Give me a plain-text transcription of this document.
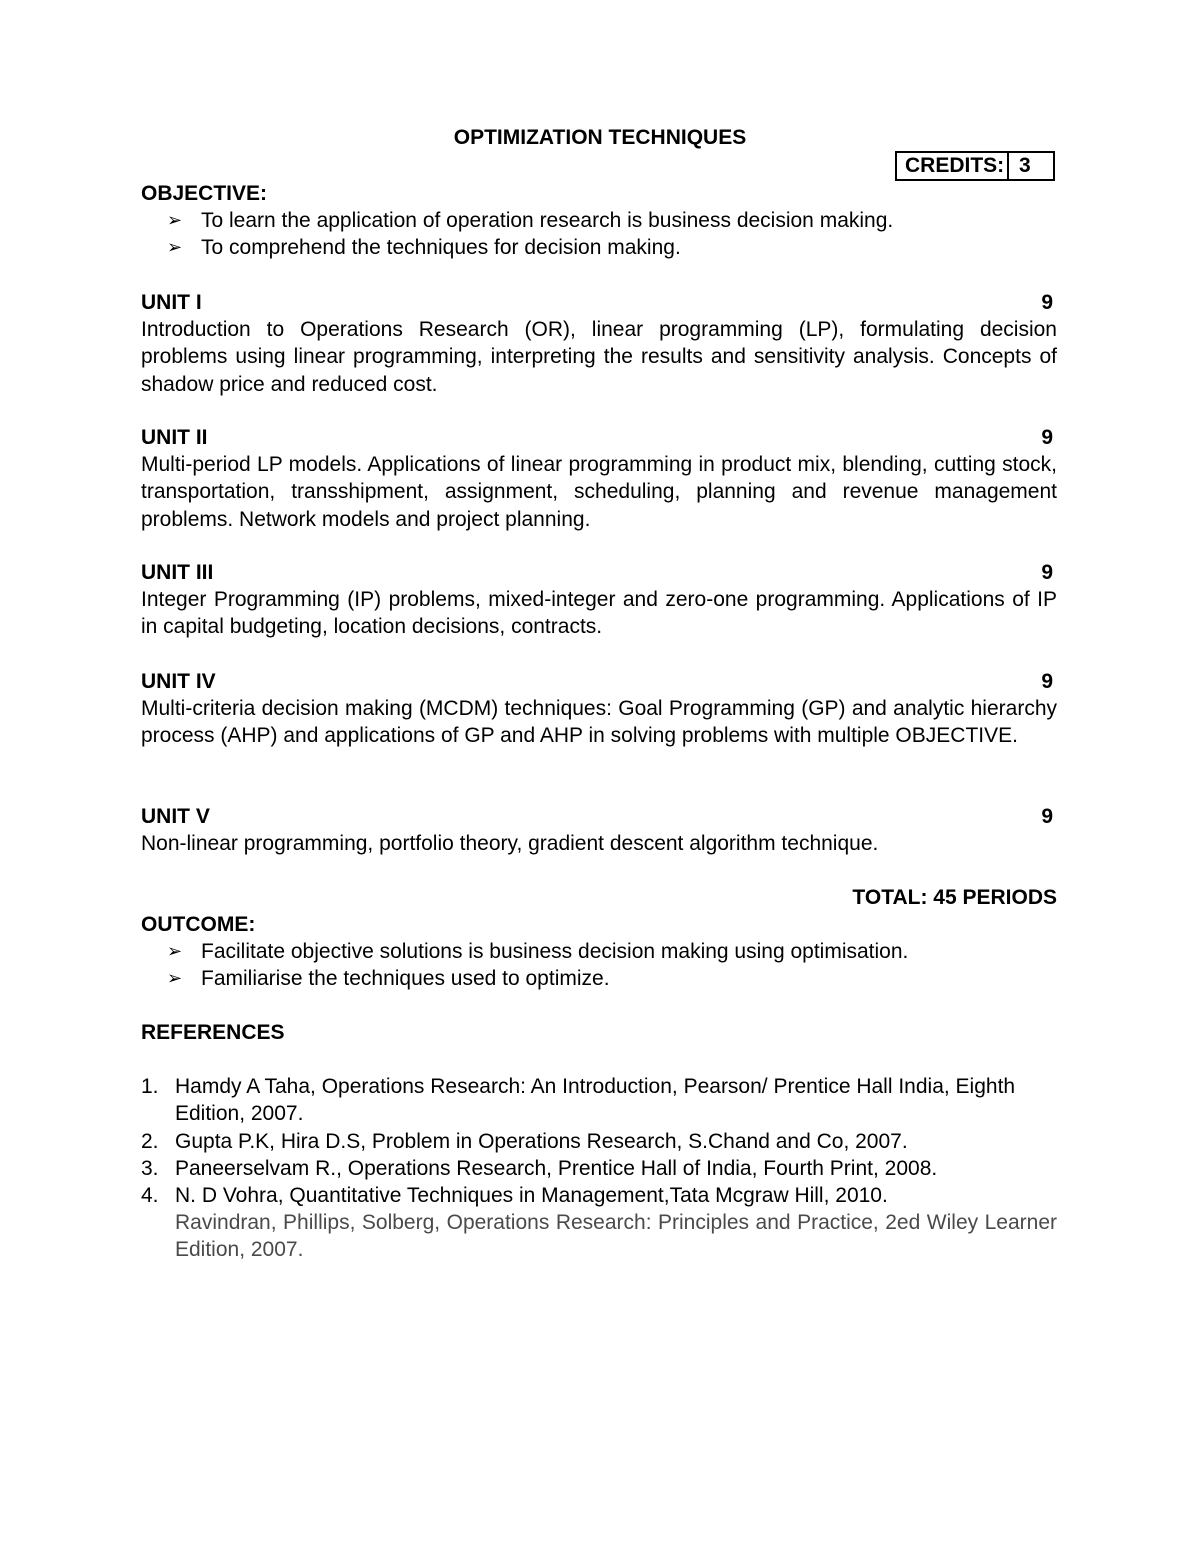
OPTIMIZATION TECHNIQUES
CREDITS: 3
OBJECTIVE:
➢ To learn the application of operation research is business decision making.
➢ To comprehend the techniques for decision making.
UNIT I	9
Introduction to Operations Research (OR), linear programming (LP), formulating decision problems using linear programming, interpreting the results and sensitivity analysis. Concepts of shadow price and reduced cost.
UNIT II	9
Multi-period LP models. Applications of linear programming in product mix, blending, cutting stock, transportation, transshipment, assignment, scheduling, planning and revenue management problems. Network models and project planning.
UNIT III	9
Integer Programming (IP) problems, mixed-integer and zero-one programming. Applications of IP in capital budgeting, location decisions, contracts.
UNIT IV	9
Multi-criteria decision making (MCDM) techniques: Goal Programming (GP) and analytic hierarchy process (AHP) and applications of GP and AHP in solving problems with multiple OBJECTIVE.
UNIT V	9
Non-linear programming, portfolio theory, gradient descent algorithm technique.
TOTAL: 45 PERIODS
OUTCOME:
➢ Facilitate objective solutions is business decision making using optimisation.
➢ Familiarise the techniques used to optimize.
REFERENCES
1. Hamdy A Taha, Operations Research: An Introduction, Pearson/ Prentice Hall India, Eighth Edition, 2007.
2. Gupta P.K, Hira D.S, Problem in Operations Research, S.Chand and Co, 2007.
3. Paneerselvam R., Operations Research, Prentice Hall of India, Fourth Print, 2008.
4. N. D Vohra, Quantitative Techniques in Management,Tata Mcgraw Hill, 2010.
Ravindran, Phillips, Solberg, Operations Research: Principles and Practice, 2ed Wiley Learner Edition, 2007.
